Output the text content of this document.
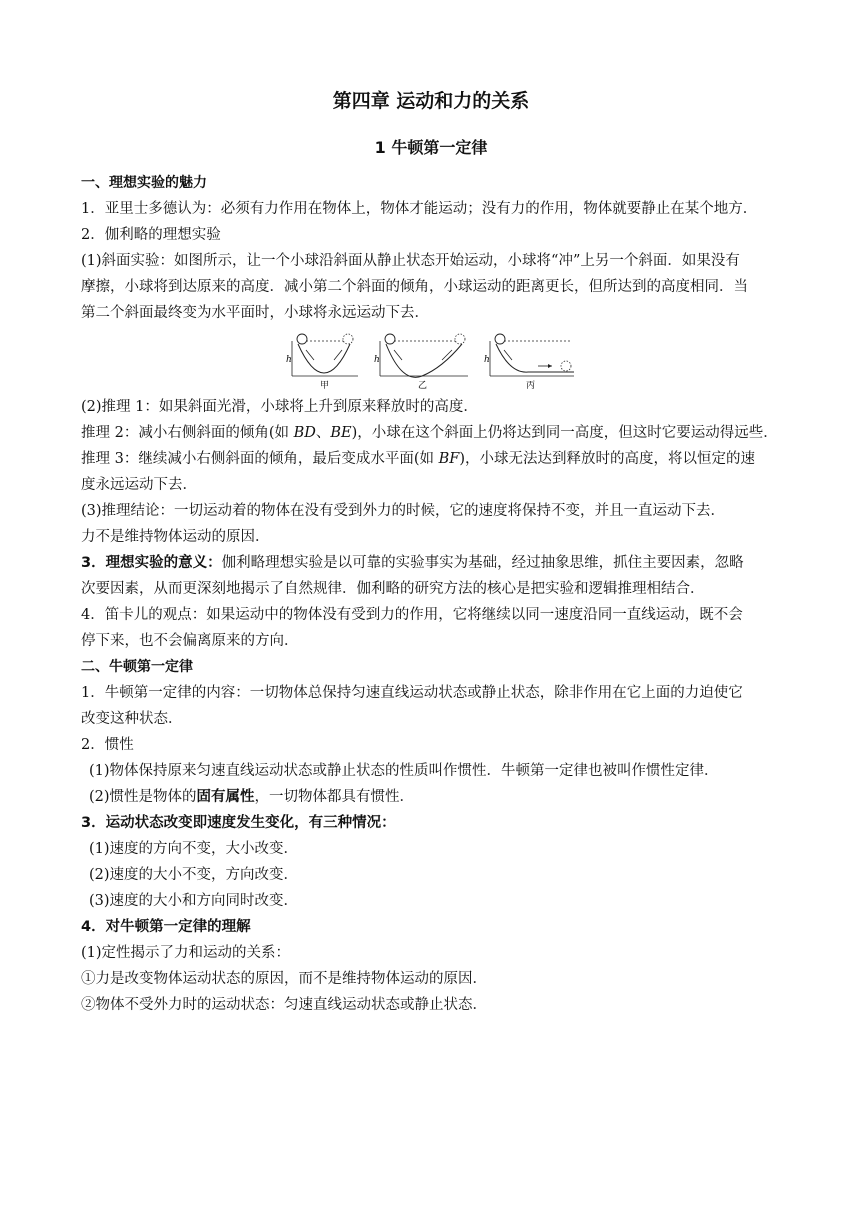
第四章 运动和力的关系
1 牛顿第一定律
一、理想实验的魅力
1．亚里士多德认为：必须有力作用在物体上，物体才能运动；没有力的作用，物体就要静止在某个地方．
2．伽利略的理想实验
(1)斜面实验：如图所示，让一个小球沿斜面从静止状态开始运动，小球将“冲”上另一个斜面．如果没有
摩擦，小球将到达原来的高度．减小第二个斜面的倾角，小球运动的距离更长，但所达到的高度相同．当
第二个斜面最终变为水平面时，小球将永远运动下去．
h
甲
h
乙
h
丙
(2)推理 1：如果斜面光滑，小球将上升到原来释放时的高度．
推理 2：减小右侧斜面的倾角(如 BD、BE)，小球在这个斜面上仍将达到同一高度，但这时它要运动得远些．
推理 3：继续减小右侧斜面的倾角，最后变成水平面(如 BF)，小球无法达到释放时的高度，将以恒定的速
度永远运动下去．
(3)推理结论：一切运动着的物体在没有受到外力的时候，它的速度将保持不变，并且一直运动下去．
力不是维持物体运动的原因．
3．理想实验的意义：伽利略理想实验是以可靠的实验事实为基础，经过抽象思维，抓住主要因素，忽略
次要因素，从而更深刻地揭示了自然规律．伽利略的研究方法的核心是把实验和逻辑推理相结合．
4．笛卡儿的观点：如果运动中的物体没有受到力的作用，它将继续以同一速度沿同一直线运动，既不会
停下来，也不会偏离原来的方向．
二、牛顿第一定律
1．牛顿第一定律的内容：一切物体总保持匀速直线运动状态或静止状态，除非作用在它上面的力迫使它
改变这种状态．
2．惯性
(1)物体保持原来匀速直线运动状态或静止状态的性质叫作惯性．牛顿第一定律也被叫作惯性定律．
(2)惯性是物体的固有属性，一切物体都具有惯性．
3．运动状态改变即速度发生变化，有三种情况：
(1)速度的方向不变，大小改变．
(2)速度的大小不变，方向改变．
(3)速度的大小和方向同时改变．
4．对牛顿第一定律的理解
(1)定性揭示了力和运动的关系：
①力是改变物体运动状态的原因，而不是维持物体运动的原因．
②物体不受外力时的运动状态：匀速直线运动状态或静止状态．
